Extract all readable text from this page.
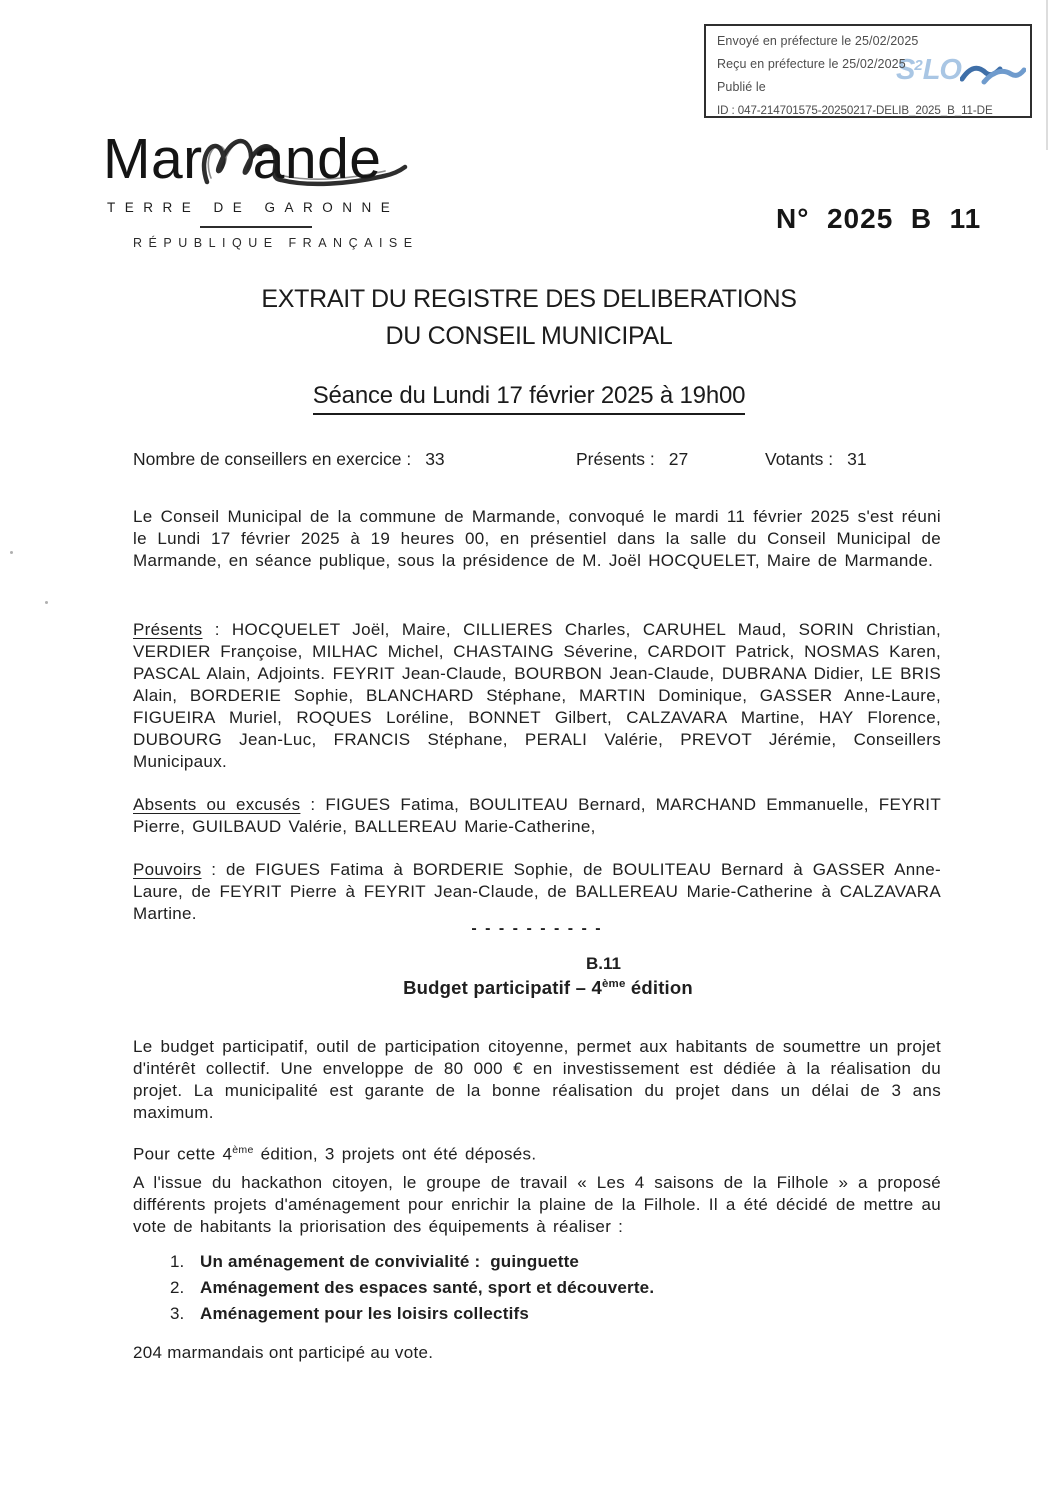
$S^2LO$
Envoyé en préfecture le 25/02/2025
Reçu en préfecture le 25/02/2025
Publié le
ID : 047-214701575-20250217-DELIB_2025_B_11-DE
Mar ande
TERRE DE GARONNE
RÉPUBLIQUE FRANÇAISE
N°  2025  B  11
EXTRAIT DU REGISTRE DES DELIBERATIONS
DU CONSEIL MUNICIPAL
Séance du Lundi 17 février 2025 à 19h00
Nombre de conseillers en exercice : 33	Présents : 27	Votants : 31
Le Conseil Municipal de la commune de Marmande, convoqué le mardi 11 février 2025 s'est réuni le Lundi 17 février 2025 à 19 heures 00, en présentiel dans la salle du Conseil Municipal de Marmande, en séance publique, sous la présidence de M. Joël HOCQUELET, Maire de Marmande.
Présents : HOCQUELET Joël, Maire, CILLIERES Charles, CARUHEL Maud, SORIN Christian, VERDIER Françoise, MILHAC Michel, CHASTAING Séverine, CARDOIT Patrick, NOSMAS Karen, PASCAL Alain, Adjoints. FEYRIT Jean-Claude, BOURBON Jean-Claude, DUBRANA Didier, LE BRIS Alain, BORDERIE Sophie, BLANCHARD Stéphane, MARTIN Dominique, GASSER Anne-Laure, FIGUEIRA Muriel, ROQUES Loréline, BONNET Gilbert, CALZAVARA Martine, HAY Florence, DUBOURG Jean-Luc, FRANCIS Stéphane, PERALI Valérie, PREVOT Jérémie, Conseillers Municipaux.
Absents ou excusés : FIGUES Fatima, BOULITEAU Bernard, MARCHAND Emmanuelle, FEYRIT Pierre, GUILBAUD Valérie, BALLEREAU Marie-Catherine,
Pouvoirs : de FIGUES Fatima à BORDERIE Sophie, de BOULITEAU Bernard à GASSER Anne-Laure, de FEYRIT Pierre à FEYRIT Jean-Claude, de BALLEREAU Marie-Catherine à CALZAVARA Martine.
- - - - - - - - - -
B.11
Budget participatif – 4ème édition
Le budget participatif, outil de participation citoyenne, permet aux habitants de soumettre un projet d'intérêt collectif. Une enveloppe de 80 000 € en investissement est dédiée à la réalisation du projet. La municipalité est garante de la bonne réalisation du projet dans un délai de 3 ans maximum.
Pour cette 4ème édition, 3 projets ont été déposés.
A l'issue du hackathon citoyen, le groupe de travail « Les 4 saisons de la Filhole » a proposé différents projets d'aménagement pour enrichir la plaine de la Filhole. Il a été décidé de mettre au vote de habitants la priorisation des équipements à réaliser :
1. Un aménagement de convivialité :  guinguette
2. Aménagement des espaces santé, sport et découverte.
3. Aménagement pour les loisirs collectifs
204 marmandais ont participé au vote.
